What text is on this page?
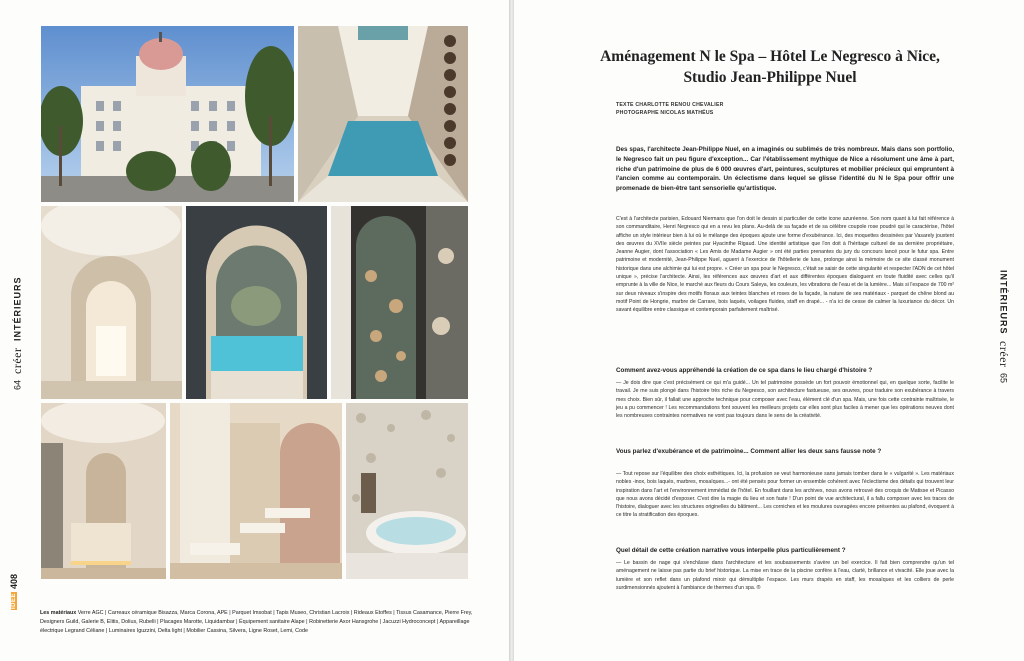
64
créer
INTÉRIEURS
IDEE
408
Les matériaux Verre AGC | Carreaux céramique Bisazza, Marca Corona, APE | Parquet Imsobat | Tapis Museo, Christian Lacroix | Rideaux Etoffes | Tissus Casamance, Pierre Frey, Designers Guild, Galerie B, Elitis, Dolius, Rubelli | Placages Marotte, Liquidambar | Équipement sanitaire Alape | Robinetterie Axor Hansgrohe | Jacuzzi Hydroconcept | Appareillage électrique Legrand Céliane | Luminaires Iguzzini, Delta light | Mobilier Cassina, Silvera, Ligne Roset, Lemi, Code
Aménagement N le Spa – Hôtel Le Negresco à Nice, Studio Jean-Philippe Nuel
TEXTE CHARLOTTE RENOU CHEVALIER
PHOTOGRAPHE NICOLAS MATHÉUS
Des spas, l'architecte Jean-Philippe Nuel, en a imaginés ou sublimés de très nombreux. Mais dans son portfolio, le Negresco fait un peu figure d'exception... Car l'établissement mythique de Nice a résolument une âme à part, riche d'un patrimoine de plus de 6 000 œuvres d'art, peintures, sculptures et mobilier précieux qui empruntent à l'ancien comme au contemporain. Un éclectisme dans lequel se glisse l'identité du N le Spa pour offrir une promenade de bien-être tant sensorielle qu'artistique.
C'est à l'architecte parisien, Edouard Niermans que l'on doit le dessin si particulier de cette icone azuréenne. Son nom quant à lui fait référence à son commanditaire, Henri Negresco qui en a revu les plans. Au-delà de sa façade et de sa célèbre coupole rose poudré qui le caractérise, l'hôtel affiche un style intérieur bien à lui où le mélange des époques ajoute une forme d'exubérance. Ici, des moquettes dessinées par Vasarely jouxtent des œuvres du XVIIe siècle peintes par Hyacinthe Rigaud. Une identité artistique que l'on doit à l'héritage culturel de sa dernière propriétaire, Jeanne Augier, dont l'association « Les Amis de Madame Augier » ont été parties prenantes du jury du concours lancé pour le futur spa. Entre patrimoine et modernité, Jean-Philippe Nuel, aguerri à l'exercice de l'hôtellerie de luxe, prolonge ainsi la mémoire de ce site classé monument historique dans une alchimie qui lui est propre. « Créer un spa pour le Negresco, c'était se saisir de cette singularité et respecter l'ADN de cet hôtel unique », précise l'architecte. Ainsi, les références aux œuvres d'art et aux différentes époques dialoguent en toute fluidité avec celles qu'il emprunte à la ville de Nice, le marché aux fleurs du Cours Saleya, les couleurs, les vibrations de l'eau et de la lumière... Mais si l'espace de 700 m² sur deux niveaux s'inspire des motifs floraux aux teintes blanches et roses de la façade, la nature de ses matériaux - parquet de chêne blond au motif Point de Hongrie, marbre de Carrare, bois laqués, voilages fluides, staff en drapé... - n'a ici de cesse de calmer la luxuriance du décor. Un savant équilibre entre classique et contemporain parfaitement maîtrisé.
Comment avez-vous appréhendé la création de ce spa dans le lieu chargé d'histoire ?
— Je dois dire que c'est précisément ce qui m'a guidé... Un tel patrimoine possède un fort pouvoir émotionnel qui, en quelque sorte, facilite le travail. Je me suis plongé dans l'histoire très riche du Negresco, son architecture fastueuse, ses œuvres, pour traduire son exubérance à travers mes choix. Bien sûr, il fallait une approche technique pour composer avec l'eau, élément clé d'un spa. Mais, une fois cette contrainte maîtrisée, le jeu a pu commencer ! Les recommandations font souvent les meilleurs projets car elles sont plus faciles à mener que les opérations neuves dont les nombreuses contraintes normatives ne vont pas toujours dans le sens de la créativité.
Vous parlez d'exubérance et de patrimoine... Comment allier les deux sans fausse note ?
— Tout repose sur l'équilibre des choix esthétiques. Ici, la profusion se veut harmonieuse sans jamais tomber dans le « vulgarité ». Les matériaux nobles -inox, bois laqués, marbres, mosaïques...- ont été pensés pour former un ensemble cohérent avec l'éclectisme des détails qui trouvent leur inspiration dans l'art et l'environnement immédiat de l'hôtel. En fouillant dans les archives, nous avons retrouvé des croquis de Matisse et Picasso que nous avons décidé d'exposer. C'est dire la magie du lieu et son faste ! D'un point de vue architectural, il a fallu composer avec les traces de l'histoire, dialoguer avec les structures originelles du bâtiment... Les corniches et les moulures ouvragées encore présentes au plafond, évoquent à ce titre la stratification des époques.
Quel détail de cette création narrative vous interpelle plus particulièrement ?
— Le bassin de nage qui s'enchâsse dans l'architecture et les soubassements s'avère un bel exercice. Il fait bien comprendre qu'un tel aménagement ne laisse pas partie du brief historique. La mise en trace de la piscine confère à l'eau, clarté, brillance et vivacité. Elle joue avec la lumière et son reflet dans un plafond miroir qui démultiplie l'espace. Les murs drapés en staff, les mosaïques et les colliers de perle surdimensionnés ajoutent à l'ambiance de thermes d'un spa. ®
INTÉRIEURS
créer
65
